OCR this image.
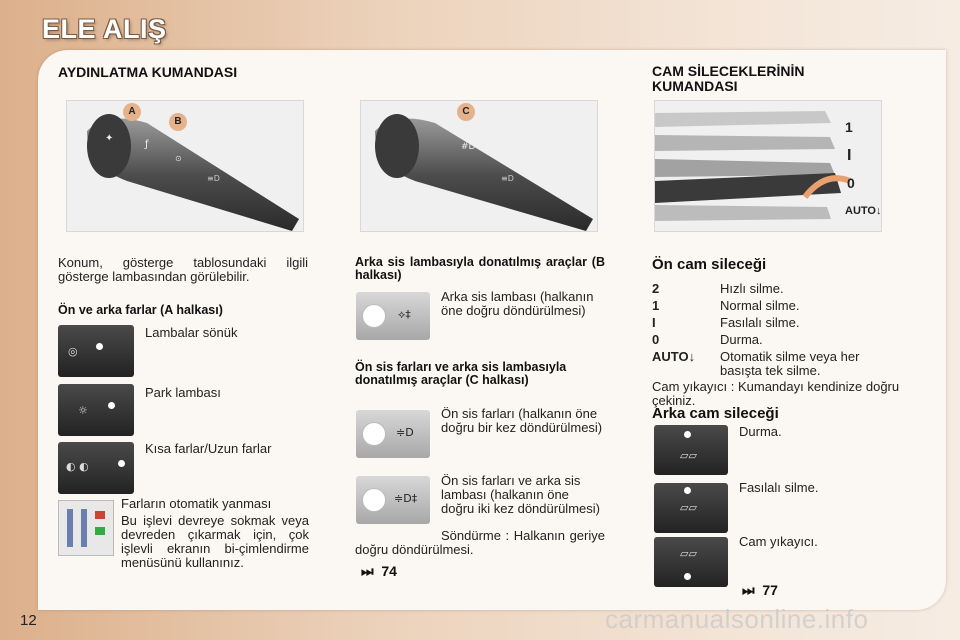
ELE ALIŞ
AYDINLATMA KUMANDASI	CAM SİLECEKLERİNİN KUMANDASI
✦
ƒ
⊙
≡D
A
B
#D ≑
≡D
C
1
I
0
AUTO↓
Konum, gösterge tablosundaki ilgili gösterge lambasından görülebilir.
Ön ve arka farlar (A halkası)
◎
Lambalar sönük
☼
Park lambası
◐ ◐
Kısa farlar/Uzun farlar
Farların otomatik yanması
Bu işlevi devreye sokmak veya devreden çıkarmak için, çok işlevli ekranın bi-çimlendirme menüsünü kullanınız.
Arka sis lambasıyla donatılmış araçlar (B halkası)
⟡‡
Arka sis lambası (halkanın öne doğru döndürülmesi)
Ön sis farları ve arka sis lambasıyla donatılmış araçlar (C halkası)
≑D
Ön sis farları (halkanın öne doğru bir kez döndürülmesi)
≑D‡
Ön sis farları ve arka sis lambası (halkanın öne doğru iki kez döndürülmesi)
Söndürme : Halkanın geriye doğru döndürülmesi.
⏭  74
Ön cam sileceği
2	Hızlı silme.
1	Normal silme.
I	Fasılalı silme.
0	Durma.
AUTO↓ Otomatik silme veya her basışta tek silme.
Cam yıkayıcı : Kumandayı kendinize doğru çekiniz.
Arka cam sileceği
▱▱
Durma.
▱▱
Fasılalı silme.
▱▱
Cam yıkayıcı.
⏭  77
12	carmanualsonline.info
